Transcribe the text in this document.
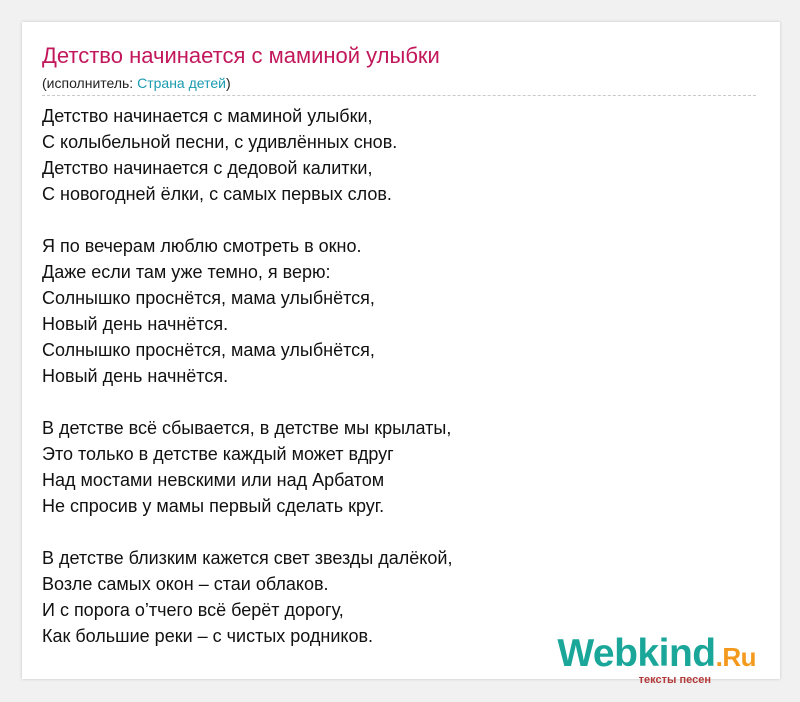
Детство начинается с маминой улыбки
(исполнитель: Страна детей)
Детство начинается с маминой улыбки,
С колыбельной песни, с удивлённых снов.
Детство начинается с дедовой калитки,
С новогодней ёлки, с самых первых слов.
Я по вечерам люблю смотреть в окно.
Даже если там уже темно, я верю:
Солнышко проснётся, мама улыбнётся,
Новый день начнётся.
Солнышко проснётся, мама улыбнётся,
Новый день начнётся.
В детстве всё сбывается, в детстве мы крылаты,
Это только в детстве каждый может вдруг
Над мостами невскими или над Арбатом
Не спросив у мамы первый сделать круг.
В детстве близким кажется свет звезды далёкой,
Возле самых окон – стаи облаков.
И с порога о’тчего всё берёт дорогу,
Как большие реки – с чистых родников.	Webkind.Ru
тексты песен
